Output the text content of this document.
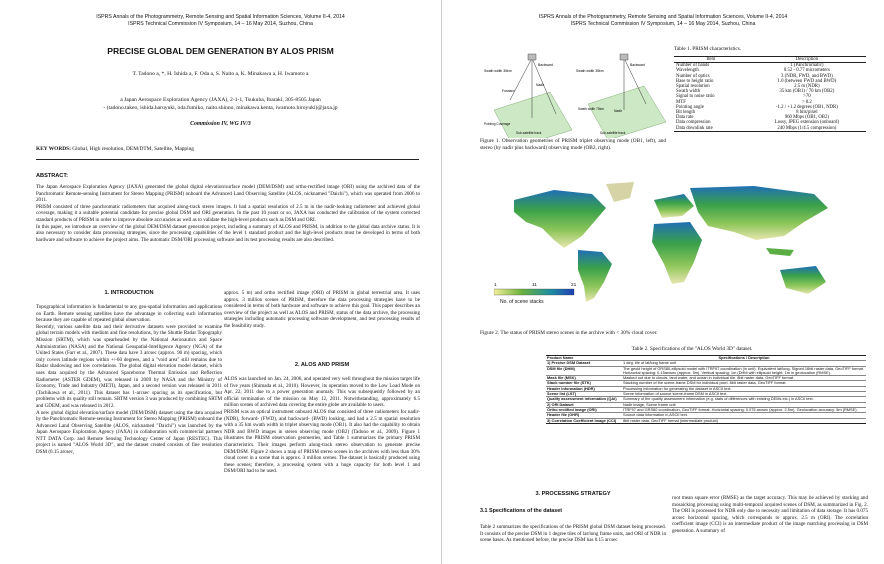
ISPRS Annals of the Photogrammetry, Remote Sensing and Spatial Information Sciences, Volume II-4, 2014
ISPRS Technical Commission IV Symposium, 14 – 16 May 2014, Suzhou, China
PRECISE GLOBAL DEM GENERATION BY ALOS PRISM
T. Tadono a, *, H. Ishida a, F. Oda a, S. Naito a, K. Minakawa a, H. Iwamoto a
a Japan Aerospace Exploration Agency (JAXA), 2-1-1, Tsukuba, Ibaraki, 305-8505 Japan
- (tadono.takeo, ishida.haruyuki, oda.fumiko, naito.shinno, minakawa.kenta, iwamoto.hiroyuki)@jaxa.jp
Commission IV, WG IV/3
KEY WORDS: Global, High resolution, DEM/DTM, Satellite, Mapping
ABSTRACT:
The Japan Aerospace Exploration Agency (JAXA) generated the global digital elevation/surface model (DEM/DSM) and ortho-rectified image (ORI) using the archived data of the Panchromatic Remote-sensing Instrument for Stereo Mapping (PRISM) onboard the Advanced Land Observing Satellite (ALOS, nicknamed "Daichi"), which was operated from 2006 to 2011.
PRISM consisted of three panchromatic radiometers that acquired along-track stereo images. It had a spatial resolution of 2.5 m in the nadir-looking radiometer and achieved global coverage, making it a suitable potential candidate for precise global DSM and ORI generation. In the past 10 years or so, JAXA has conducted the calibration of the system corrected standard products of PRISM in order to improve absolute accuracies as well as to validate the high-level products such as DSM and ORI.
In this paper, we introduce an overview of the global DEM/DSM dataset generation project, including a summary of ALOS and PRISM, in addition to the global data archive status. It is also necessary to consider data processing strategies, since the processing capabilities of the level 1 standard product and the high-level products must be developed in terms of both hardware and software to achieve the project aims. The automatic DSM/ORI processing software and its test processing results are also described.
1. INTRODUCTION
Topographical information is fundamental to any geo-spatial information and applications on Earth. Remote sensing satellites have the advantage in collecting such information because they are capable of repeated global observation.
Recently, various satellite data and their derivative datasets were provided to examine global terrain models with medium and fine resolutions, by the Shuttle Radar Topography Mission (SRTM), which was spearheaded by the National Aeronautics and Space Administration (NASA) and the National Geospatial-Intelligence Agency (NGA) of the United States (Farr et al., 2007). These data have 3 arcsec (approx. 90 m) spacing, which only covers latitude regions within +/-60 degrees, and a "void area" still remains due to Radar shadowing and low correlations. The global digital elevation model dataset, which uses data acquired by the Advanced Spaceborne Thermal Emission and Reflection Radiometer (ASTER GDEM), was released in 2009 by NASA and the Ministry of Economy, Trade and Industry (METI), Japan, and a second version was released in 2011 (Tachikawa et al., 2011). This dataset has 1-arcsec spacing as its specification, but problems with its quality still remain. SRTM version 3 was produced by combining SRTM and GDEM, and was released in 2012.
A new global digital elevation/surface model (DEM/DSM) dataset using the data acquired by the Panchromatic Remote-sensing Instrument for Stereo Mapping (PRISM) onboard the Advanced Land Observing Satellite (ALOS, nicknamed "Daichi") was launched by the Japan Aerospace Exploration Agency (JAXA) in collaboration with commercial partners NTT DATA Corp. and Remote Sensing Technology Center of Japan (RESTEC). This project is named "ALOS World 3D", and the dataset created consists of fine resolution DSM (0.15 arcsec,
approx. 5 m) and ortho rectified image (ORI) of PRISM in global terrestrial area. It uses approx. 3 million scenes of PRISM, therefore the data processing strategies have to be considered in terms of both hardware and software to achieve this goal. This paper describes an overview of the project as well as ALOS and PRISM, status of the data archive, the processing strategies including automatic processing software development, and test processing results of the feasibility study.
2. ALOS AND PRISM
ALOS was launched on Jan. 24, 2006, and operated very well throughout the mission target life of five years (Shimada et al., 2010). However, its operation moved to the Low Load Mode on Apr. 22, 2011 due to a power generation anomaly. This was subsequently followed by an official termination of the mission on May 12, 2011. Notwithstanding, approximately 6.5 million scenes of archived data covering the entire globe are available to users.
PRISM was an optical instrument onboard ALOS that consisted of three radiometers for nadir- (NDR), forward- (FWD), and backward- (BWD) looking, and had a 2.5 m spatial resolution with a 35 km swath width in triplet observing mode (OB1). It also had the capability to obtain NDR and BWD images in stereo observing mode (OB2) (Tadono et al., 2009). Figure 1 illustrates the PRISM observation geometries, and Table 1 summarizes the primary PRISM characteristics. Their images perform along-track stereo observation to generate precise DEM/DSM. Figure 2 shows a map of PRISM stereo scenes in the archives with less than 30% cloud cover in a scene that is approx. 3 million scenes. The dataset is basically produced using these scenes; therefore, a processing system with a huge capacity for both level 1 and DSM/ORI had to be used.
ISPRS Annals of the Photogrammetry, Remote Sensing and Spatial Information Sciences, Volume II-4, 2014
ISPRS Technical Commission IV Symposium, 14 – 16 May 2014, Suzhou, China
Swath width 35km
Backward
Nadir
Forward
Pointing Coverage
Sub-satellite track
Swath width 35km
Backward
Nadir
Swath width 70km
Sub-satellite track
Figure 1. Observation geometries of PRISM triplet observing mode (OB1, left), and stereo (by nadir plus backward) observing mode (OB2, right).
Table 1. PRISM characteristics.
Item	Description
Number of bands	1 (Panchromatic)
Wavelength	0.52 - 0.77 micrometers
Number of optics	3 (NDR, FWD, and BWD)
Base to height ratio	1.0 (between FWD and BWD)
Spatial resolution	2.5 m (NDR)
Swath width	35 km (OB1) / 70 km (OB2)
Signal to noise ratio	>70
MTF	> 0.2
Pointing angle	-1.2 / +1.2 degrees (OB1, NDR)
Bit length	8 bits/pixel
Data rate	960 Mbps (OB1, OB2)
Data compression	Lossy, JPEG extension (onboard)
Data downlink rate	240 Mbps (1/4.5 compression)
1	11	21
No. of scene stacks
Figure 2. The status of PRISM stereo scenes in the archive with < 30% cloud cover.
Table 2. Specifications of the "ALOS World 3D" dataset.
Product Name	Specifications / Description
1) Precise DSM Dataset	1 deg. tile of lat/long frame unit
DSM file (DHM)	The geoid height of GRS80-ellipsoid model with ITRF97 coordination (in unit). Equivalent lat/long, Signed 16bit raster data, GeoTIFF format. Horizontal spacing: 0.15arcsec (approx. 5m). Vertical spacing: 1m (DHM with ellipsoid height: 1m in geolocation (RMSE).
Mask file (MSK)	Masked out due to clouds, land water, and ocean in individual tile. 8bit raster data, GeoTIFF format.
Stack number file (STK)	Stacking number of the scene-frame DSM for individual pixel. 8bit raster data, GeoTIFF format.
Header information (HDR)	Processing information for generating the dataset in ASCII text.
Scene list (LST)	Scene information of source scene-frame DSM in ASCII text.
Quality assessment information (QAI)	Summary of the quality assessment information (e.g. stats of differences with existing DEMs etc.) in ASCII text.
2) ORI Dataset	Nadir image, Scene frame unit
Ortho rectified image (ORI)	ITRF97 and GRS80 coordination, GeoTIFF format. Horizontal spacing: 0.075 arcsec (approx. 2.5m). Geolocation accuracy: 5m (RMSE).
Header file (OHR)	Source data information in ASCII text.
3) Correlation Coefficient Image (CCI)	8bit raster data, GeoTIFF format (intermediate product)
3. PROCESSING STRATEGY
3.1 Specifications of the dataset
Table 2 summarizes the specifications of the PRISM global DSM dataset being processed. It consists of the precise DSM in 1 degree tiles of lat/long frame units, and ORI of NDR in scene bases. As mentioned before, the precise DSM has 0.15 arcsec
root mean square error (RMSE) as the target accuracy. This may be achieved by stacking and mosaicking processing using multi-temporal acquired scenes of DSM, as summarized in Fig. 2. The ORI is processed for NDR only due to necessity and limitation of data storage. It has 0.075 arcsec horizontal spacing, which corresponds to approx. 2.5 m (ORI). The correlation coefficient image (CCI) is an intermediate product of the image matching processing in DSM generation. A summary of
